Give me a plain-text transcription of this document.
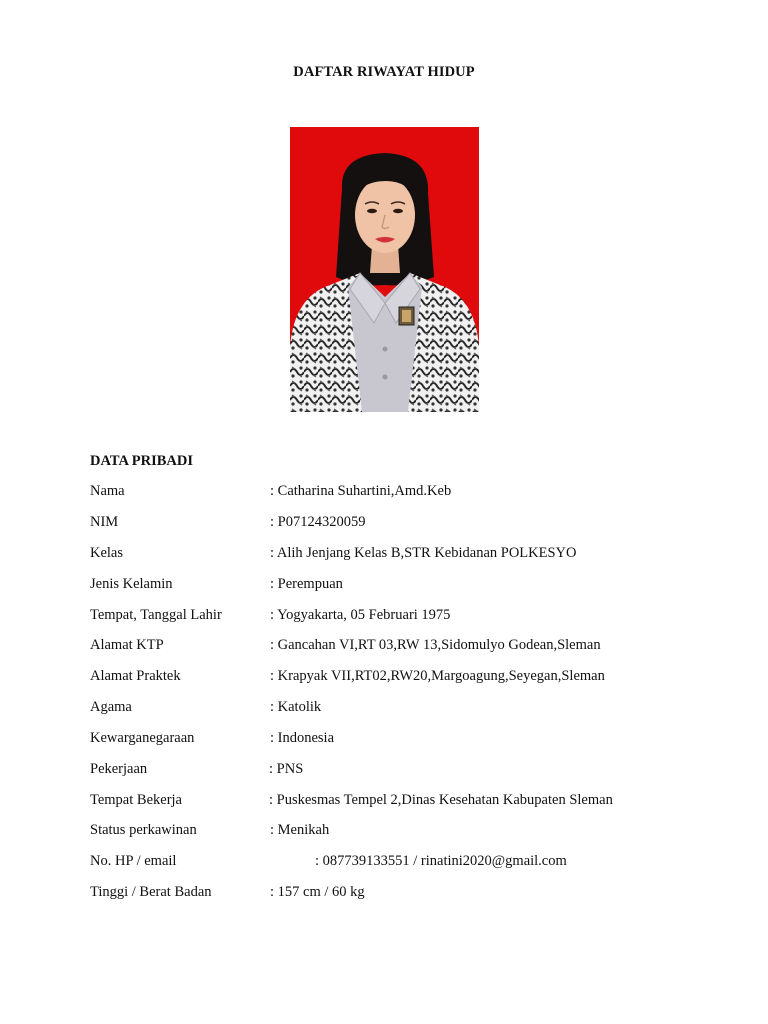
DAFTAR RIWAYAT HIDUP
DATA PRIBADI
Nama	: Catharina Suhartini,Amd.Keb
NIM	: P07124320059
Kelas	: Alih Jenjang Kelas B,STR Kebidanan POLKESYO
Jenis Kelamin	: Perempuan
Tempat, Tanggal Lahir	: Yogyakarta, 05 Februari 1975
Alamat KTP	: Gancahan VI,RT 03,RW 13,Sidomulyo Godean,Sleman
Alamat Praktek	: Krapyak VII,RT02,RW20,Margoagung,Seyegan,Sleman
Agama	: Katolik
Kewarganegaraan	: Indonesia
Pekerjaan	: PNS
Tempat Bekerja	: Puskesmas Tempel 2,Dinas Kesehatan Kabupaten Sleman
Status perkawinan	: Menikah
No. HP / email	: 087739133551 / rinatini2020@gmail.com
Tinggi / Berat Badan	: 157 cm / 60 kg
